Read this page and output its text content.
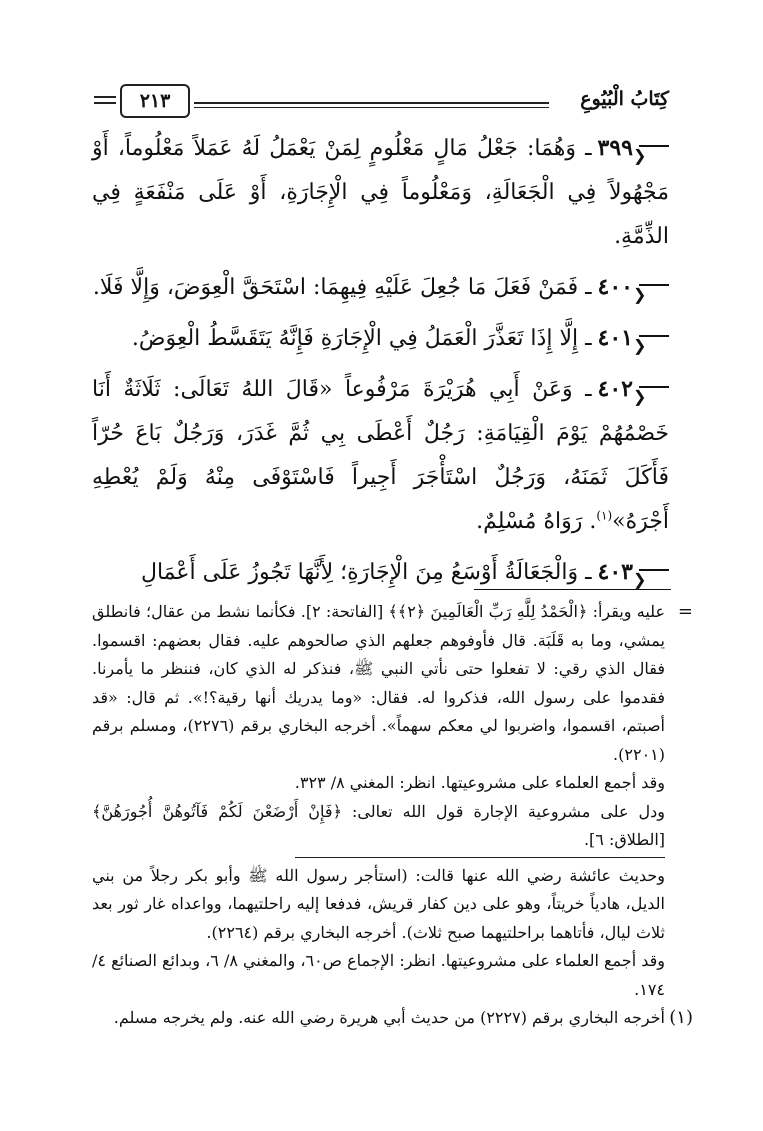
كِتَابُ الْبُيُوعِ
٢١٣
❮٣٩٩ـ وَهُمَا: جَعْلُ مَالٍ مَعْلُومٍ لِمَنْ يَعْمَلُ لَهُ عَمَلاً مَعْلُوماً، أَوْ مَجْهُولاً فِي الْجَعَالَةِ، وَمَعْلُوماً فِي الْإِجَارَةِ، أَوْ عَلَى مَنْفَعَةٍ فِي الذِّمَّةِ.
❮٤٠٠ـ فَمَنْ فَعَلَ مَا جُعِلَ عَلَيْهِ فِيهِمَا: اسْتَحَقَّ الْعِوَضَ، وَإِلَّا فَلَا.
❮٤٠١ـ إِلَّا إِذَا تَعَذَّرَ الْعَمَلُ فِي الْإِجَارَةِ فَإِنَّهُ يَتَقَسَّطُ الْعِوَضُ.
❮٤٠٢ـ وَعَنْ أَبِي هُرَيْرَةَ مَرْفُوعاً «قَالَ اللهُ تَعَالَى: ثَلَاثَةٌ أَنَا خَصْمُهُمْ يَوْمَ الْقِيَامَةِ: رَجُلٌ أَعْطَى بِي ثُمَّ غَدَرَ، وَرَجُلٌ بَاعَ حُرّاً فَأَكَلَ ثَمَنَهُ، وَرَجُلٌ اسْتَأْجَرَ أَجِيراً فَاسْتَوْفَى مِنْهُ وَلَمْ يُعْطِهِ أَجْرَهُ»$^{(١)}$. رَوَاهُ مُسْلِمٌ.
❮٤٠٣ـ وَالْجَعَالَةُ أَوْسَعُ مِنَ الْإِجَارَةِ؛ لِأَنَّهَا تَجُوزُ عَلَى أَعْمَالِ
=
عليه ويقرأ: ﴿الْحَمْدُ لِلَّهِ رَبِّ الْعَالَمِينَ ﴿٢﴾﴾ [الفاتحة: ٢]. فكأنما نشط من عقال؛ فانطلق يمشي، وما به قَلَبَة. قال فأوفوهم جعلهم الذي صالحوهم عليه. فقال بعضهم: اقسموا. فقال الذي رقي: لا تفعلوا حتى نأتي النبي ﷺ، فنذكر له الذي كان، فننظر ما يأمرنا. فقدموا على رسول الله، فذكروا له. فقال: «وما يدريك أنها رقية؟!». ثم قال: «قد أصبتم، اقسموا، واضربوا لي معكم سهماً». أخرجه البخاري برقم (٢٢٧٦)، ومسلم برقم (٢٢٠١).
وقد أجمع العلماء على مشروعيتها. انظر: المغني ٨/ ٣٢٣.
ودل على مشروعية الإجارة قول الله تعالى: ﴿فَإِنْ أَرْضَعْنَ لَكُمْ فَآتُوهُنَّ أُجُورَهُنَّ﴾ [الطلاق: ٦].
وحديث عائشة رضي الله عنها قالت: (استأجر رسول الله ﷺ وأبو بكر رجلاً من بني الديل، هادياً خريتاً، وهو على دين كفار قريش، فدفعا إليه راحلتيهما، وواعداه غار ثور بعد ثلاث ليال، فأتاهما براحلتيهما صبح ثلاث). أخرجه البخاري برقم (٢٢٦٤).
وقد أجمع العلماء على مشروعيتها. انظر: الإجماع ص٦٠، والمغني ٨/ ٦، وبدائع الصنائع ٤/ ١٧٤.
(١)
أخرجه البخاري برقم (٢٢٢٧) من حديث أبي هريرة رضي الله عنه. ولم يخرجه مسلم.
